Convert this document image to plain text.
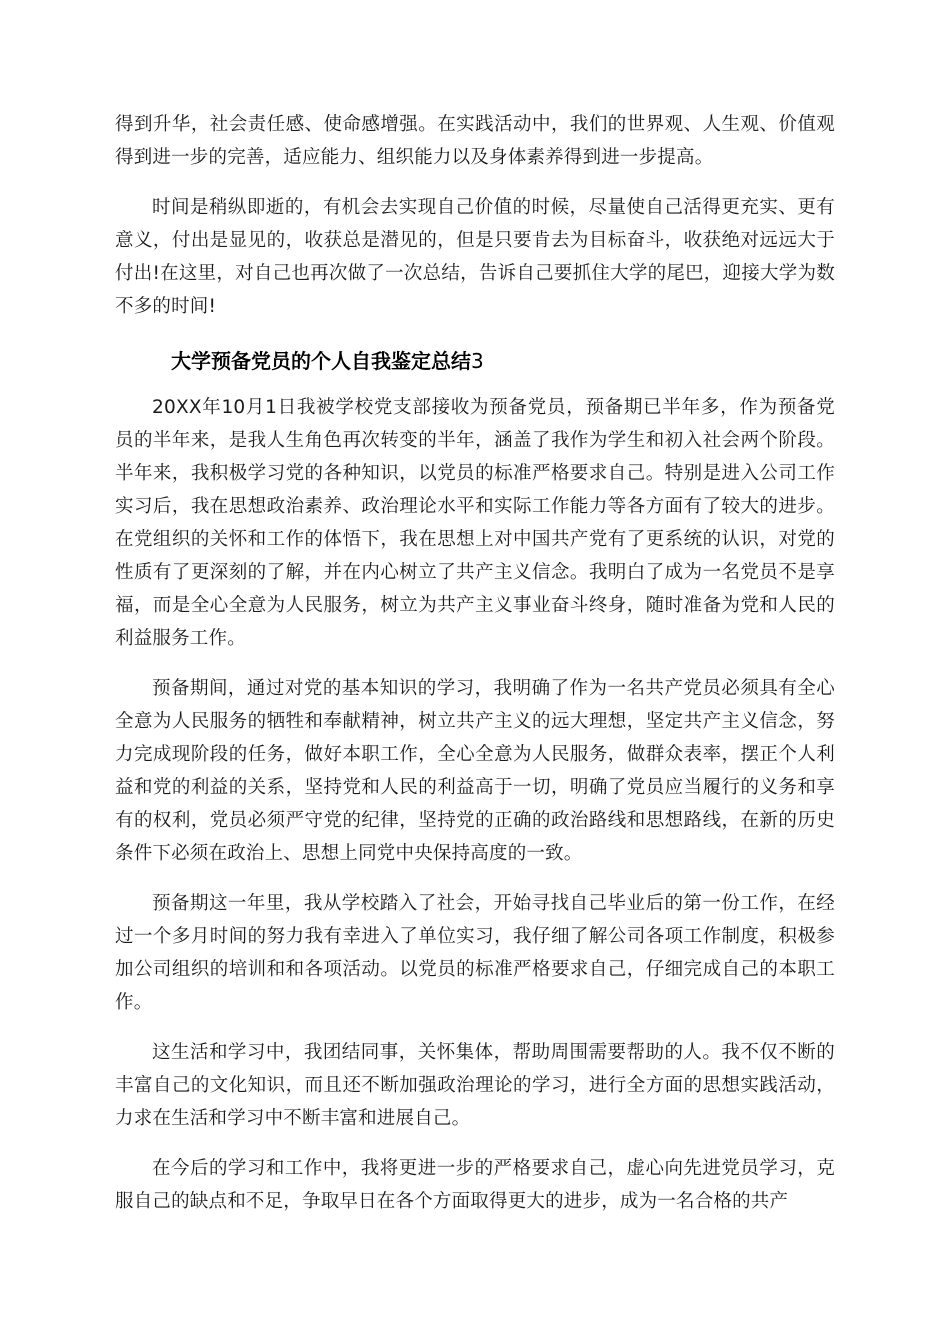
得到升华，社会责任感、使命感增强。在实践活动中，我们的世界观、人生观、价值观得到进一步的完善，适应能力、组织能力以及身体素养得到进一步提高。

时间是稍纵即逝的，有机会去实现自己价值的时候，尽量使自己活得更充实、更有意义，付出是显见的，收获总是潜见的，但是只要肯去为目标奋斗，收获绝对远远大于付出!在这里，对自己也再次做了一次总结，告诉自己要抓住大学的尾巴，迎接大学为数不多的时间!

大学预备党员的个人自我鉴定总结3

20XX年10月1日我被学校党支部接收为预备党员，预备期已半年多，作为预备党员的半年来，是我人生角色再次转变的半年，涵盖了我作为学生和初入社会两个阶段。半年来，我积极学习党的各种知识，以党员的标准严格要求自己。特别是进入公司工作实习后，我在思想政治素养、政治理论水平和实际工作能力等各方面有了较大的进步。在党组织的关怀和工作的体悟下，我在思想上对中国共产党有了更系统的认识，对党的性质有了更深刻的了解，并在内心树立了共产主义信念。我明白了成为一名党员不是享福，而是全心全意为人民服务，树立为共产主义事业奋斗终身，随时准备为党和人民的利益服务工作。

预备期间，通过对党的基本知识的学习，我明确了作为一名共产党员必须具有全心全意为人民服务的牺牲和奉献精神，树立共产主义的远大理想，坚定共产主义信念，努力完成现阶段的任务，做好本职工作，全心全意为人民服务，做群众表率，摆正个人利益和党的利益的关系，坚持党和人民的利益高于一切，明确了党员应当履行的义务和享有的权利，党员必须严守党的纪律，坚持党的正确的政治路线和思想路线，在新的历史条件下必须在政治上、思想上同党中央保持高度的一致。

预备期这一年里，我从学校踏入了社会，开始寻找自己毕业后的第一份工作，在经过一个多月时间的努力我有幸进入了单位实习，我仔细了解公司各项工作制度，积极参加公司组织的培训和和各项活动。以党员的标准严格要求自己，仔细完成自己的本职工作。

这生活和学习中，我团结同事，关怀集体，帮助周围需要帮助的人。我不仅不断的丰富自己的文化知识，而且还不断加强政治理论的学习，进行全方面的思想实践活动，力求在生活和学习中不断丰富和进展自己。

在今后的学习和工作中，我将更进一步的严格要求自己，虚心向先进党员学习，克服自己的缺点和不足，争取早日在各个方面取得更大的进步，成为一名合格的共产
